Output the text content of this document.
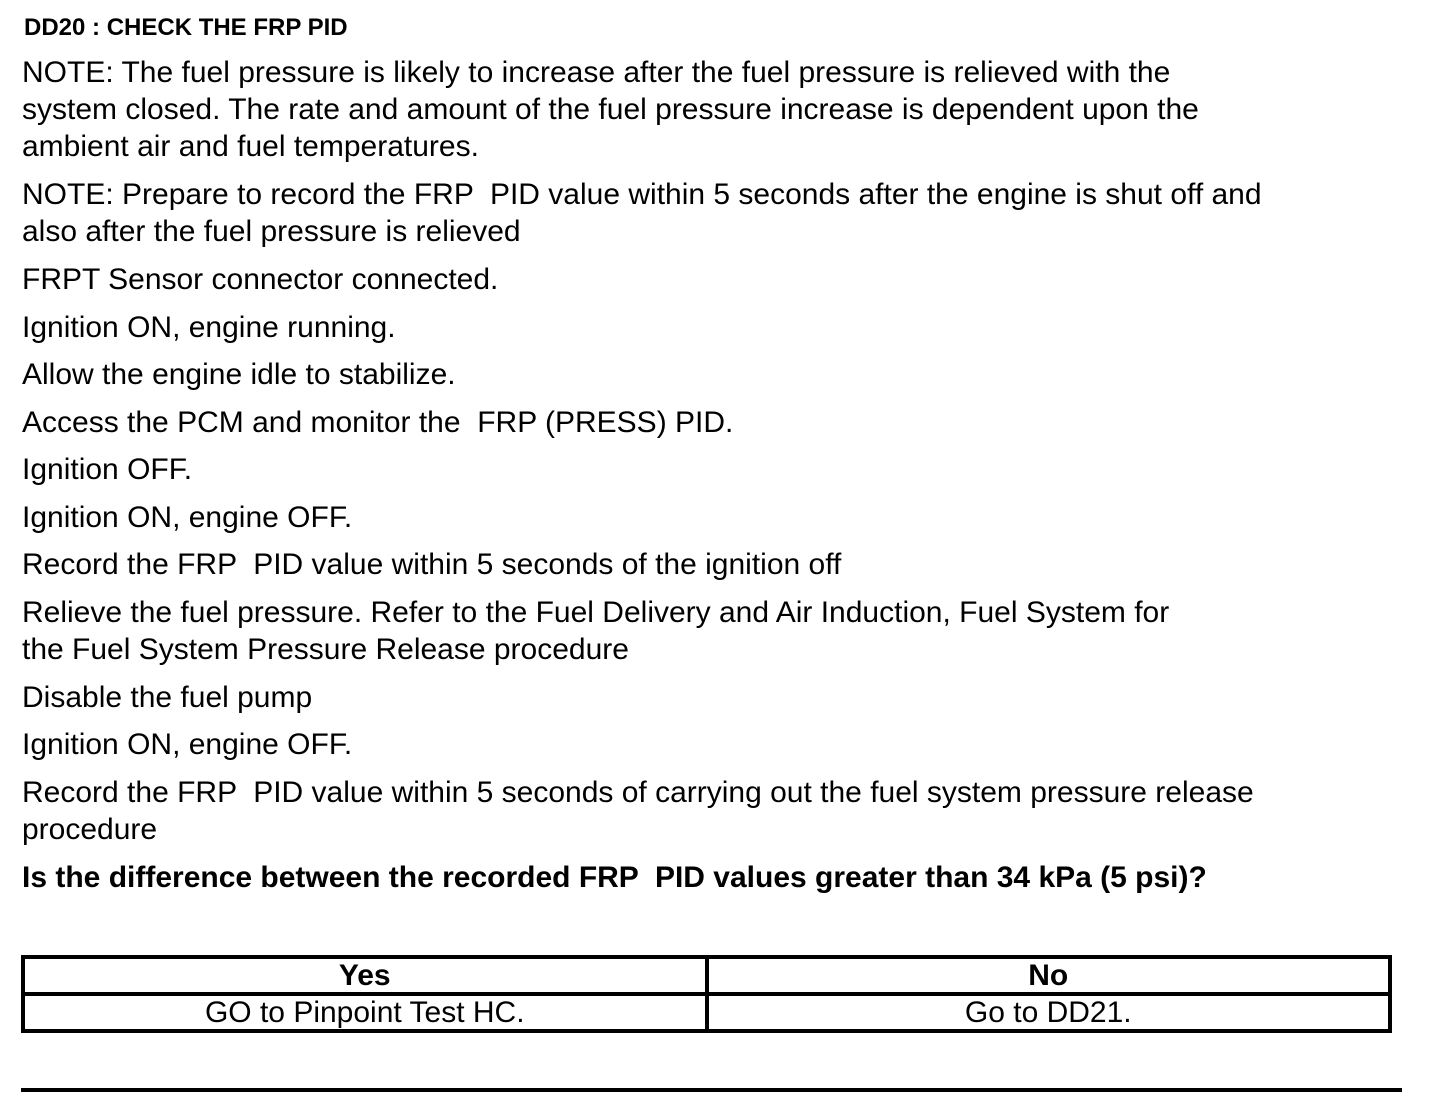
DD20 : CHECK THE FRP PID
NOTE: The fuel pressure is likely to increase after the fuel pressure is relieved with the
system closed. The rate and amount of the fuel pressure increase is dependent upon the
ambient air and fuel temperatures.
NOTE: Prepare to record the FRP  PID value within 5 seconds after the engine is shut off and
also after the fuel pressure is relieved
FRPT Sensor connector connected.
Ignition ON, engine running.
Allow the engine idle to stabilize.
Access the PCM and monitor the  FRP (PRESS) PID.
Ignition OFF.
Ignition ON, engine OFF.
Record the FRP  PID value within 5 seconds of the ignition off
Relieve the fuel pressure. Refer to the Fuel Delivery and Air Induction, Fuel System for
the Fuel System Pressure Release procedure
Disable the fuel pump
Ignition ON, engine OFF.
Record the FRP  PID value within 5 seconds of carrying out the fuel system pressure release
procedure
Is the difference between the recorded FRP  PID values greater than 34 kPa (5 psi)?
Yes	No
GO to Pinpoint Test HC.	Go to DD21.
